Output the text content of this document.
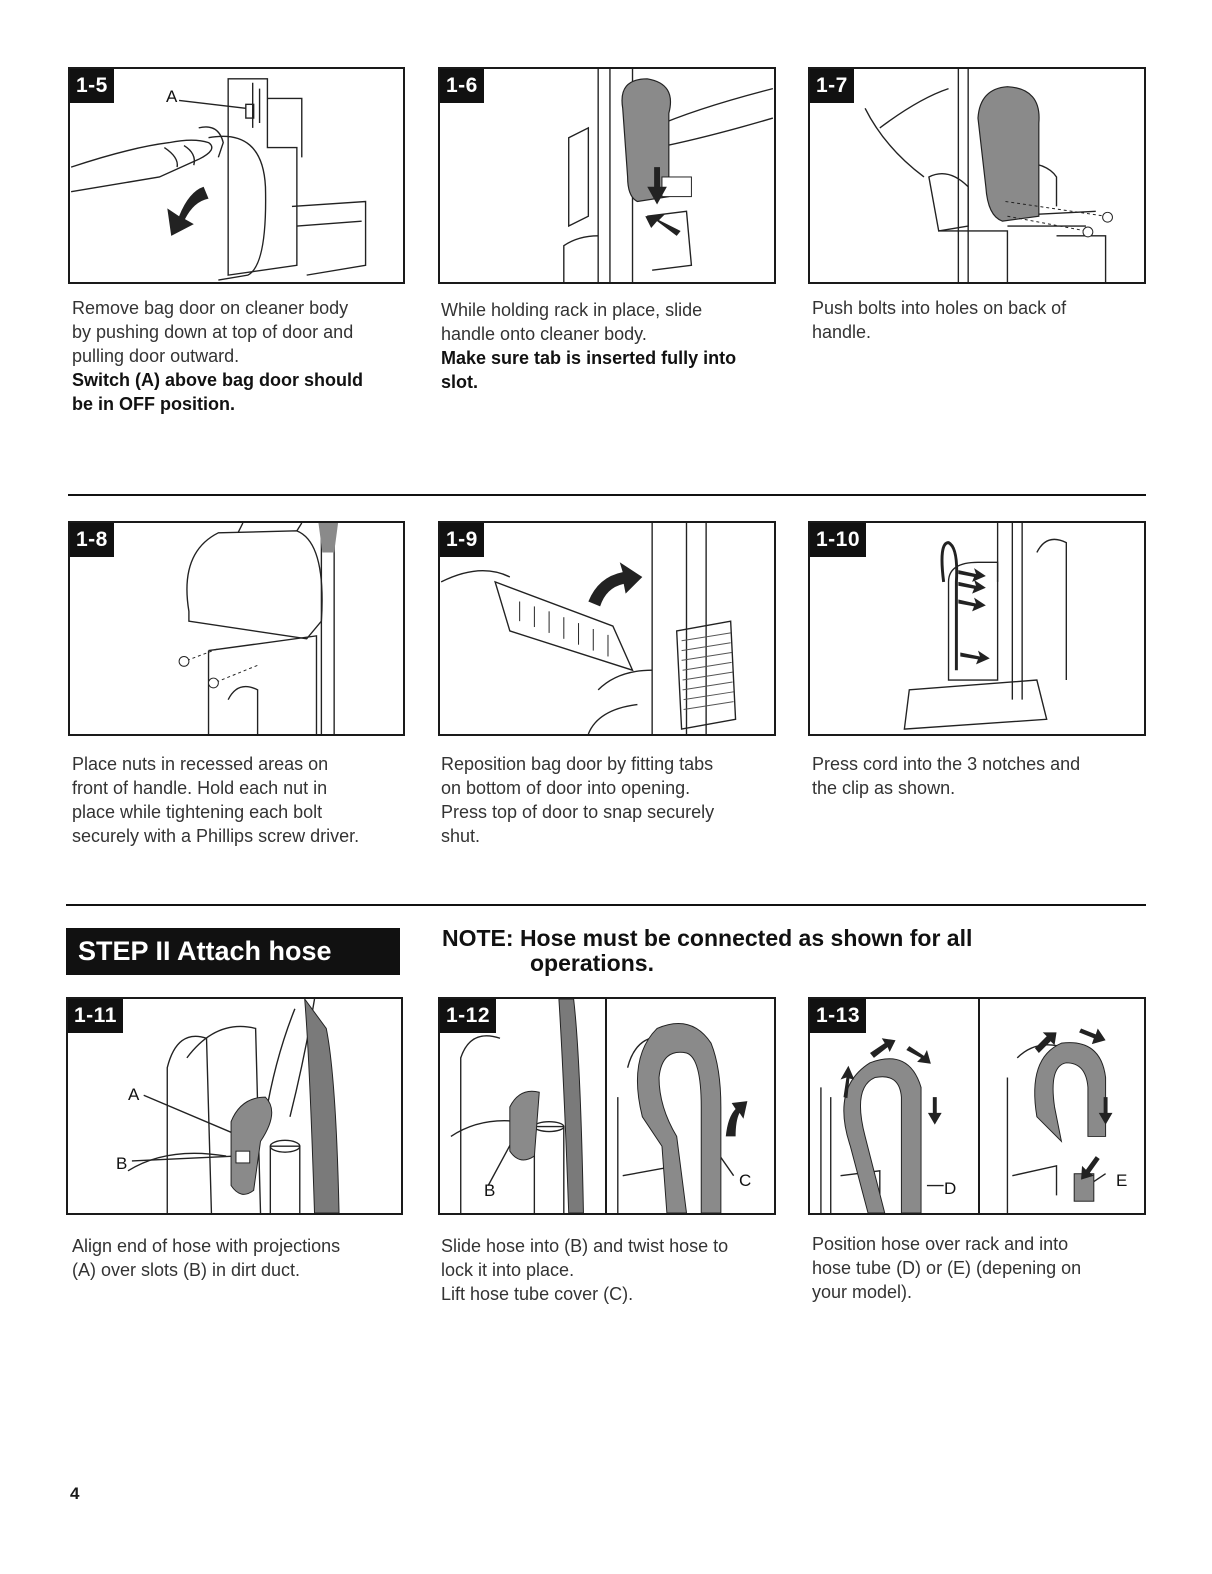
1-5	A	1-6	1-7

Remove bag door on cleaner body

by pushing down at top of door and

pulling door outward.

Switch (A) above bag door should

be in OFF position.

While holding rack in place, slide

handle onto cleaner body.

Make sure tab is inserted fully into

slot.

Push bolts into holes on back of

handle.

1-8	1-9	1-10

Place nuts in recessed areas on

front of handle. Hold each nut in

place while tightening each bolt

securely with a Phillips screw driver.

Reposition bag door by fitting tabs

on bottom of door into opening.

Press top of door to snap securely

shut.

Press cord into the 3 notches and

the clip as shown.

STEP II Attach hose	NOTE: Hose must be connected as shown for all
operations.
1-11
A
B
1-12
B
C
1-13
D	E

Align end of hose with projections

(A) over slots (B) in dirt duct.

Slide hose into (B) and twist hose to

lock it into place.

Lift hose tube cover (C).

Position hose over rack and into

hose tube (D) or (E) (depening on

your model).

4
